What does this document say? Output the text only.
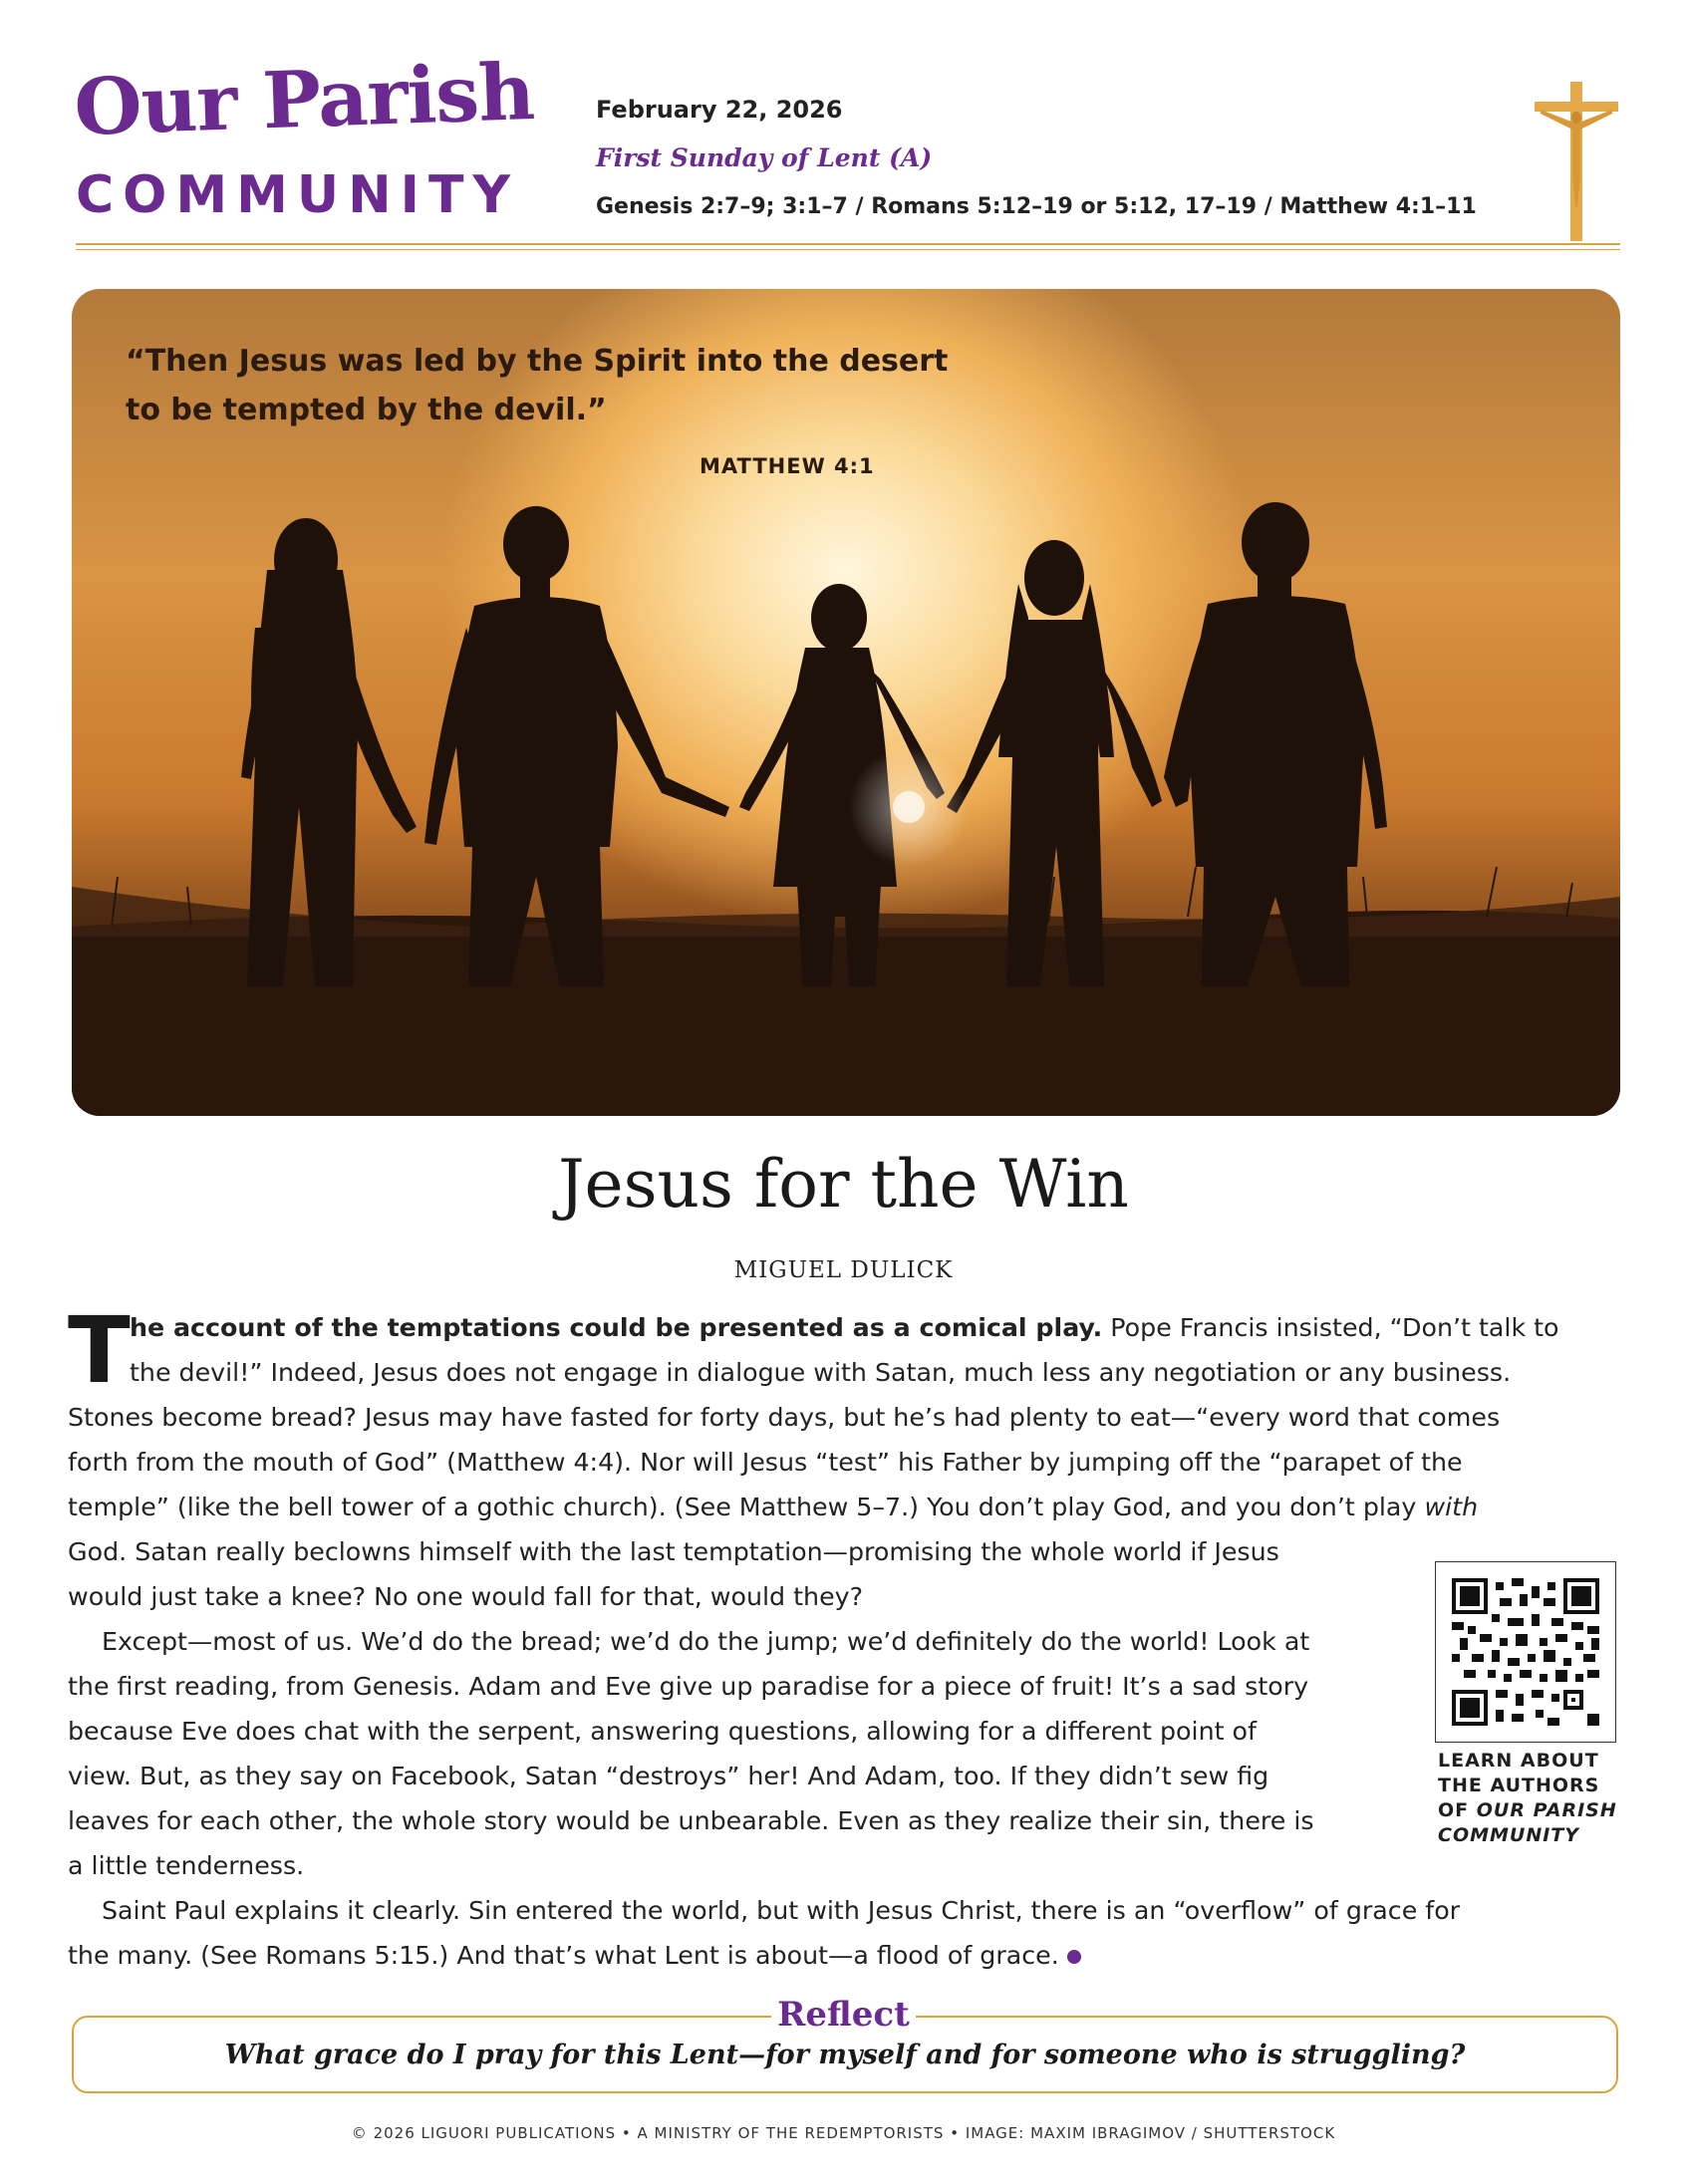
Our Parish
COMMUNITY
February 22, 2026
First Sunday of Lent (A)
Genesis 2:7–9; 3:1–7 / Romans 5:12–19 or 5:12, 17–19 / Matthew 4:1–11
“Then Jesus was led by the Spirit into the desert
to be tempted by the devil.”
MATTHEW 4:1
Jesus for the Win
MIGUEL DULICK

T he account of the temptations could be presented as a comical play. Pope Francis insisted, “Don’t talk to
the devil!” Indeed, Jesus does not engage in dialogue with Satan, much less any negotiation or any business.
Stones become bread? Jesus may have fasted for forty days, but he’s had plenty to eat—“every word that comes
forth from the mouth of God” (Matthew 4:4). Nor will Jesus “test” his Father by jumping off the “parapet of the
temple” (like the bell tower of a gothic church). (See Matthew 5–7.) You don’t play God, and you don’t play with
God. Satan really beclowns himself with the last temptation—promising the whole world if Jesus
would just take a knee? No one would fall for that, would they?

Except—most of us. We’d do the bread; we’d do the jump; we’d definitely do the world! Look at
the first reading, from Genesis. Adam and Eve give up paradise for a piece of fruit! It’s a sad story
because Eve does chat with the serpent, answering questions, allowing for a different point of
view. But, as they say on Facebook, Satan “destroys” her! And Adam, too. If they didn’t sew fig
leaves for each other, the whole story would be unbearable. Even as they realize their sin, there is
a little tenderness.

Saint Paul explains it clearly. Sin entered the world, but with Jesus Christ, there is an “overflow” of grace for
the many. (See Romans 5:15.) And that’s what Lent is about—a flood of grace.

LEARN ABOUT
THE AUTHORS
OF OUR PARISH
COMMUNITY
Reflect
What grace do I pray for this Lent—for myself and for someone who is struggling?
© 2026 LIGUORI PUBLICATIONS • A MINISTRY OF THE REDEMPTORISTS • IMAGE: MAXIM IBRAGIMOV / SHUTTERSTOCK
